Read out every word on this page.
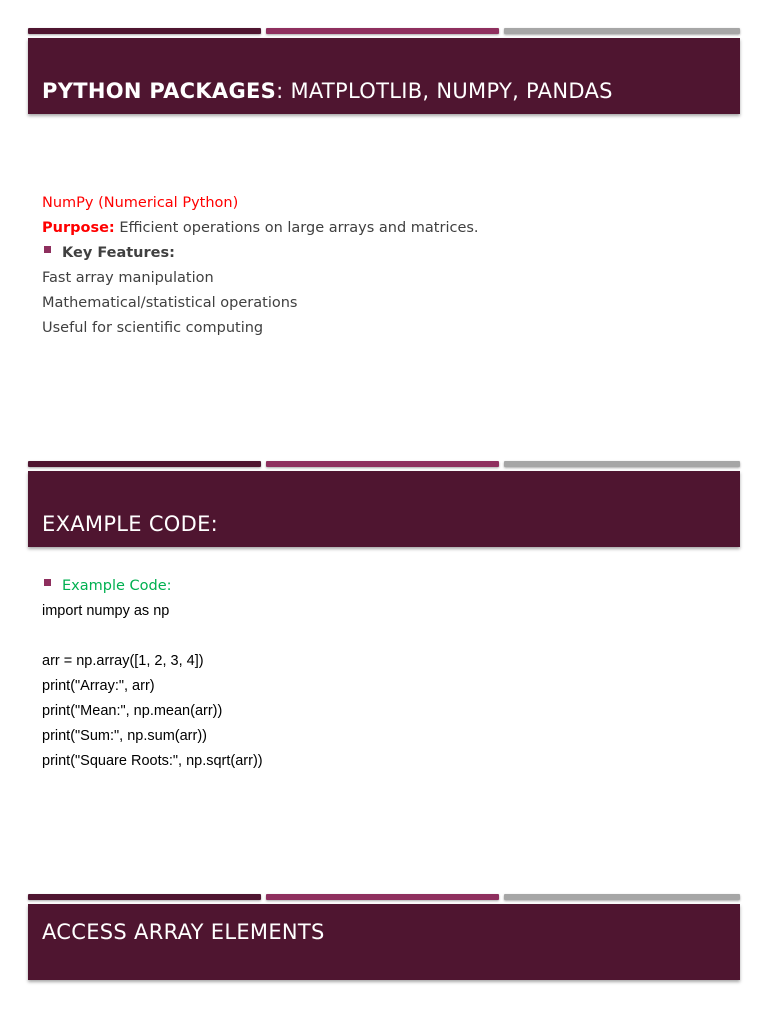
PYTHON PACKAGES: MATPLOTLIB, NUMPY, PANDAS
NumPy (Numerical Python)
Purpose: Efficient operations on large arrays and matrices.
Key Features:
Fast array manipulation
Mathematical/statistical operations
Useful for scientific computing
EXAMPLE CODE:
Example Code:
import numpy as np

arr = np.array([1, 2, 3, 4])
print("Array:", arr)
print("Mean:", np.mean(arr))
print("Sum:", np.sum(arr))
print("Square Roots:", np.sqrt(arr))
ACCESS ARRAY ELEMENTS
